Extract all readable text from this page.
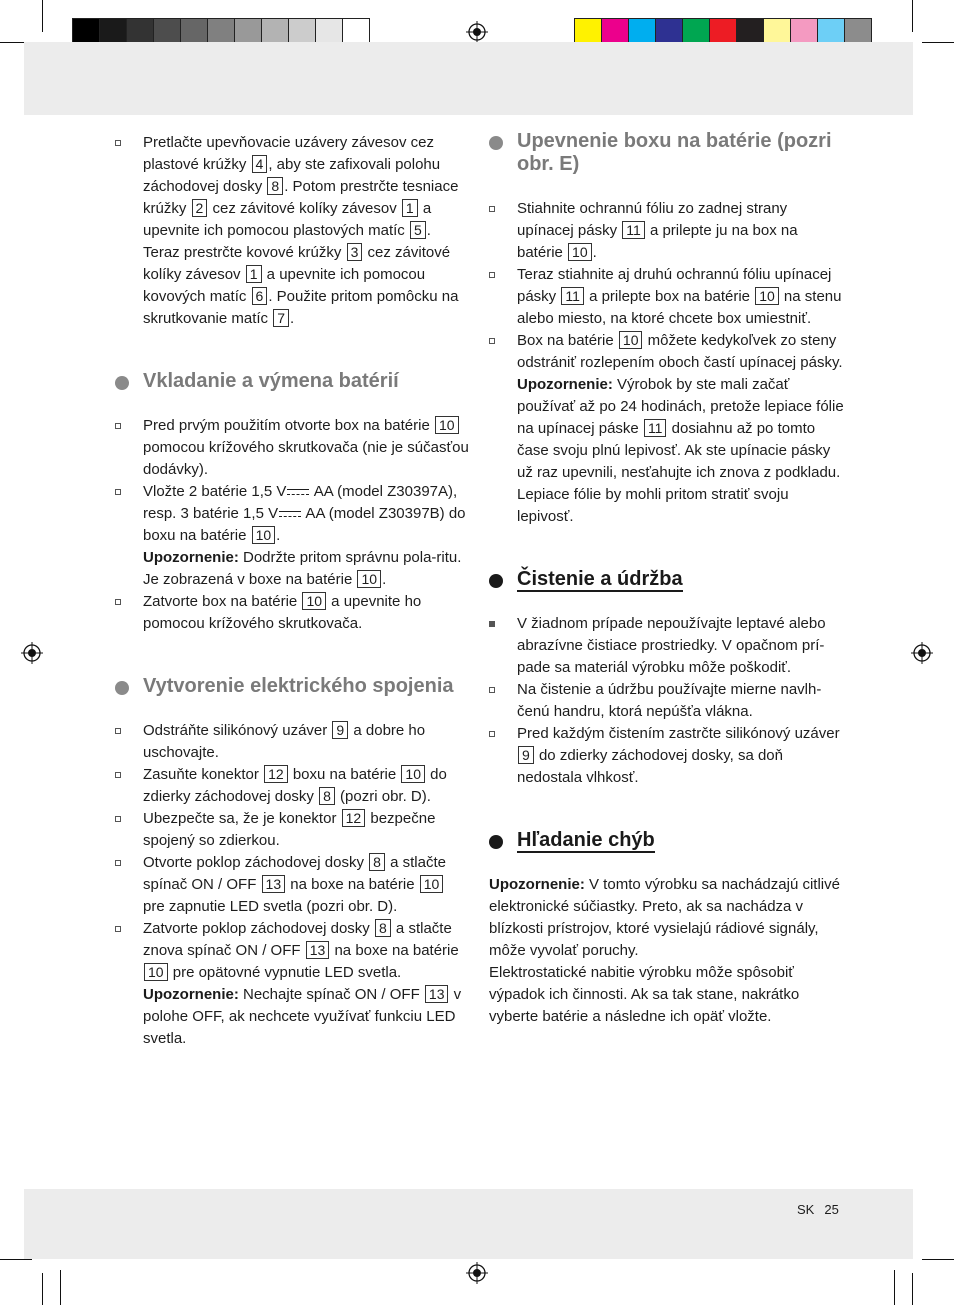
Pretlačte upevňovacie uzávery závesov cez plastové krúžky 4 , aby ste zafixovali polohu záchodovej dosky 8 . Potom prestrčte tesniace krúžky 2 cez závitové kolíky závesov 1 a upevnite ich pomocou plastových matíc 5 . Teraz prestrčte kovové krúžky 3 cez závitové kolíky závesov 1 a upevnite ich pomocou kovových matíc 6 . Použite pritom pomôcku na skrutkovanie matíc 7 .

Vkladanie a výmena batérií

Pred prvým použitím otvorte box na batérie 10 pomocou krížového skrutkovača (nie je súčasťou dodávky).

Vložte 2 batérie 1,5 V AA (model Z30397A), resp. 3 batérie 1,5 V AA (model Z30397B) do boxu na batérie 10 .
Upozornenie: Dodržte pritom správnu pola-ritu. Je zobrazená v boxe na batérie 10 .

Zatvorte box na batérie 10 a upevnite ho pomocou krížového skrutkovača.

Vytvorenie elektrického spojenia

Odstráňte silikónový uzáver 9 a dobre ho uschovajte.

Zasuňte konektor 12 boxu na batérie 10 do zdierky záchodovej dosky 8 (pozri obr. D).

Ubezpečte sa, že je konektor 12 bezpečne spojený so zdierkou.

Otvorte poklop záchodovej dosky 8 a stlačte spínač ON / OFF 13 na boxe na batérie 10 pre zapnutie LED svetla (pozri obr. D).

Zatvorte poklop záchodovej dosky 8 a stlačte znova spínač ON / OFF 13 na boxe na batérie 10 pre opätovné vypnutie LED svetla.
Upozornenie: Nechajte spínač ON / OFF 13 v polohe OFF, ak nechcete využívať funkciu LED svetla.

Upevnenie boxu na batérie (pozri obr. E)

Stiahnite ochrannú fóliu zo zadnej strany upínacej pásky 11 a prilepte ju na box na batérie 10 .

Teraz stiahnite aj druhú ochrannú fóliu upínacej pásky 11 a prilepte box na batérie 10 na stenu alebo miesto, na ktoré chcete box umiestniť.

Box na batérie 10 môžete kedykoľvek zo steny odstrániť rozlepením oboch častí upínacej pásky.
Upozornenie: Výrobok by ste mali začať používať až po 24 hodinách, pretože lepiace fólie na upínacej páske 11 dosiahnu až po tomto čase svoju plnú lepivosť. Ak ste upínacie pásky už raz upevnili, nesťahujte ich znova z podkladu. Lepiace fólie by mohli pritom stratiť svoju lepivosť.

Čistenie a údržba

V žiadnom prípade nepoužívajte leptavé alebo abrazívne čistiace prostriedky. V opačnom prí-pade sa materiál výrobku môže poškodiť.

Na čistenie a údržbu používajte mierne navlh-čenú handru, ktorá nepúšťa vlákna.

Pred každým čistením zastrčte silikónový uzáver 9 do zdierky záchodovej dosky, sa doň nedostala vlhkosť.

Hľadanie chýb

Upozornenie: V tomto výrobku sa nachádzajú citlivé elektronické súčiastky. Preto, ak sa nachádza v blízkosti prístrojov, ktoré vysielajú rádiové signály, môže vyvolať poruchy.
Elektrostatické nabitie výrobku môže spôsobiť výpadok ich činnosti. Ak sa tak stane, nakrátko vyberte batérie a následne ich opäť vložte.

SK 25
